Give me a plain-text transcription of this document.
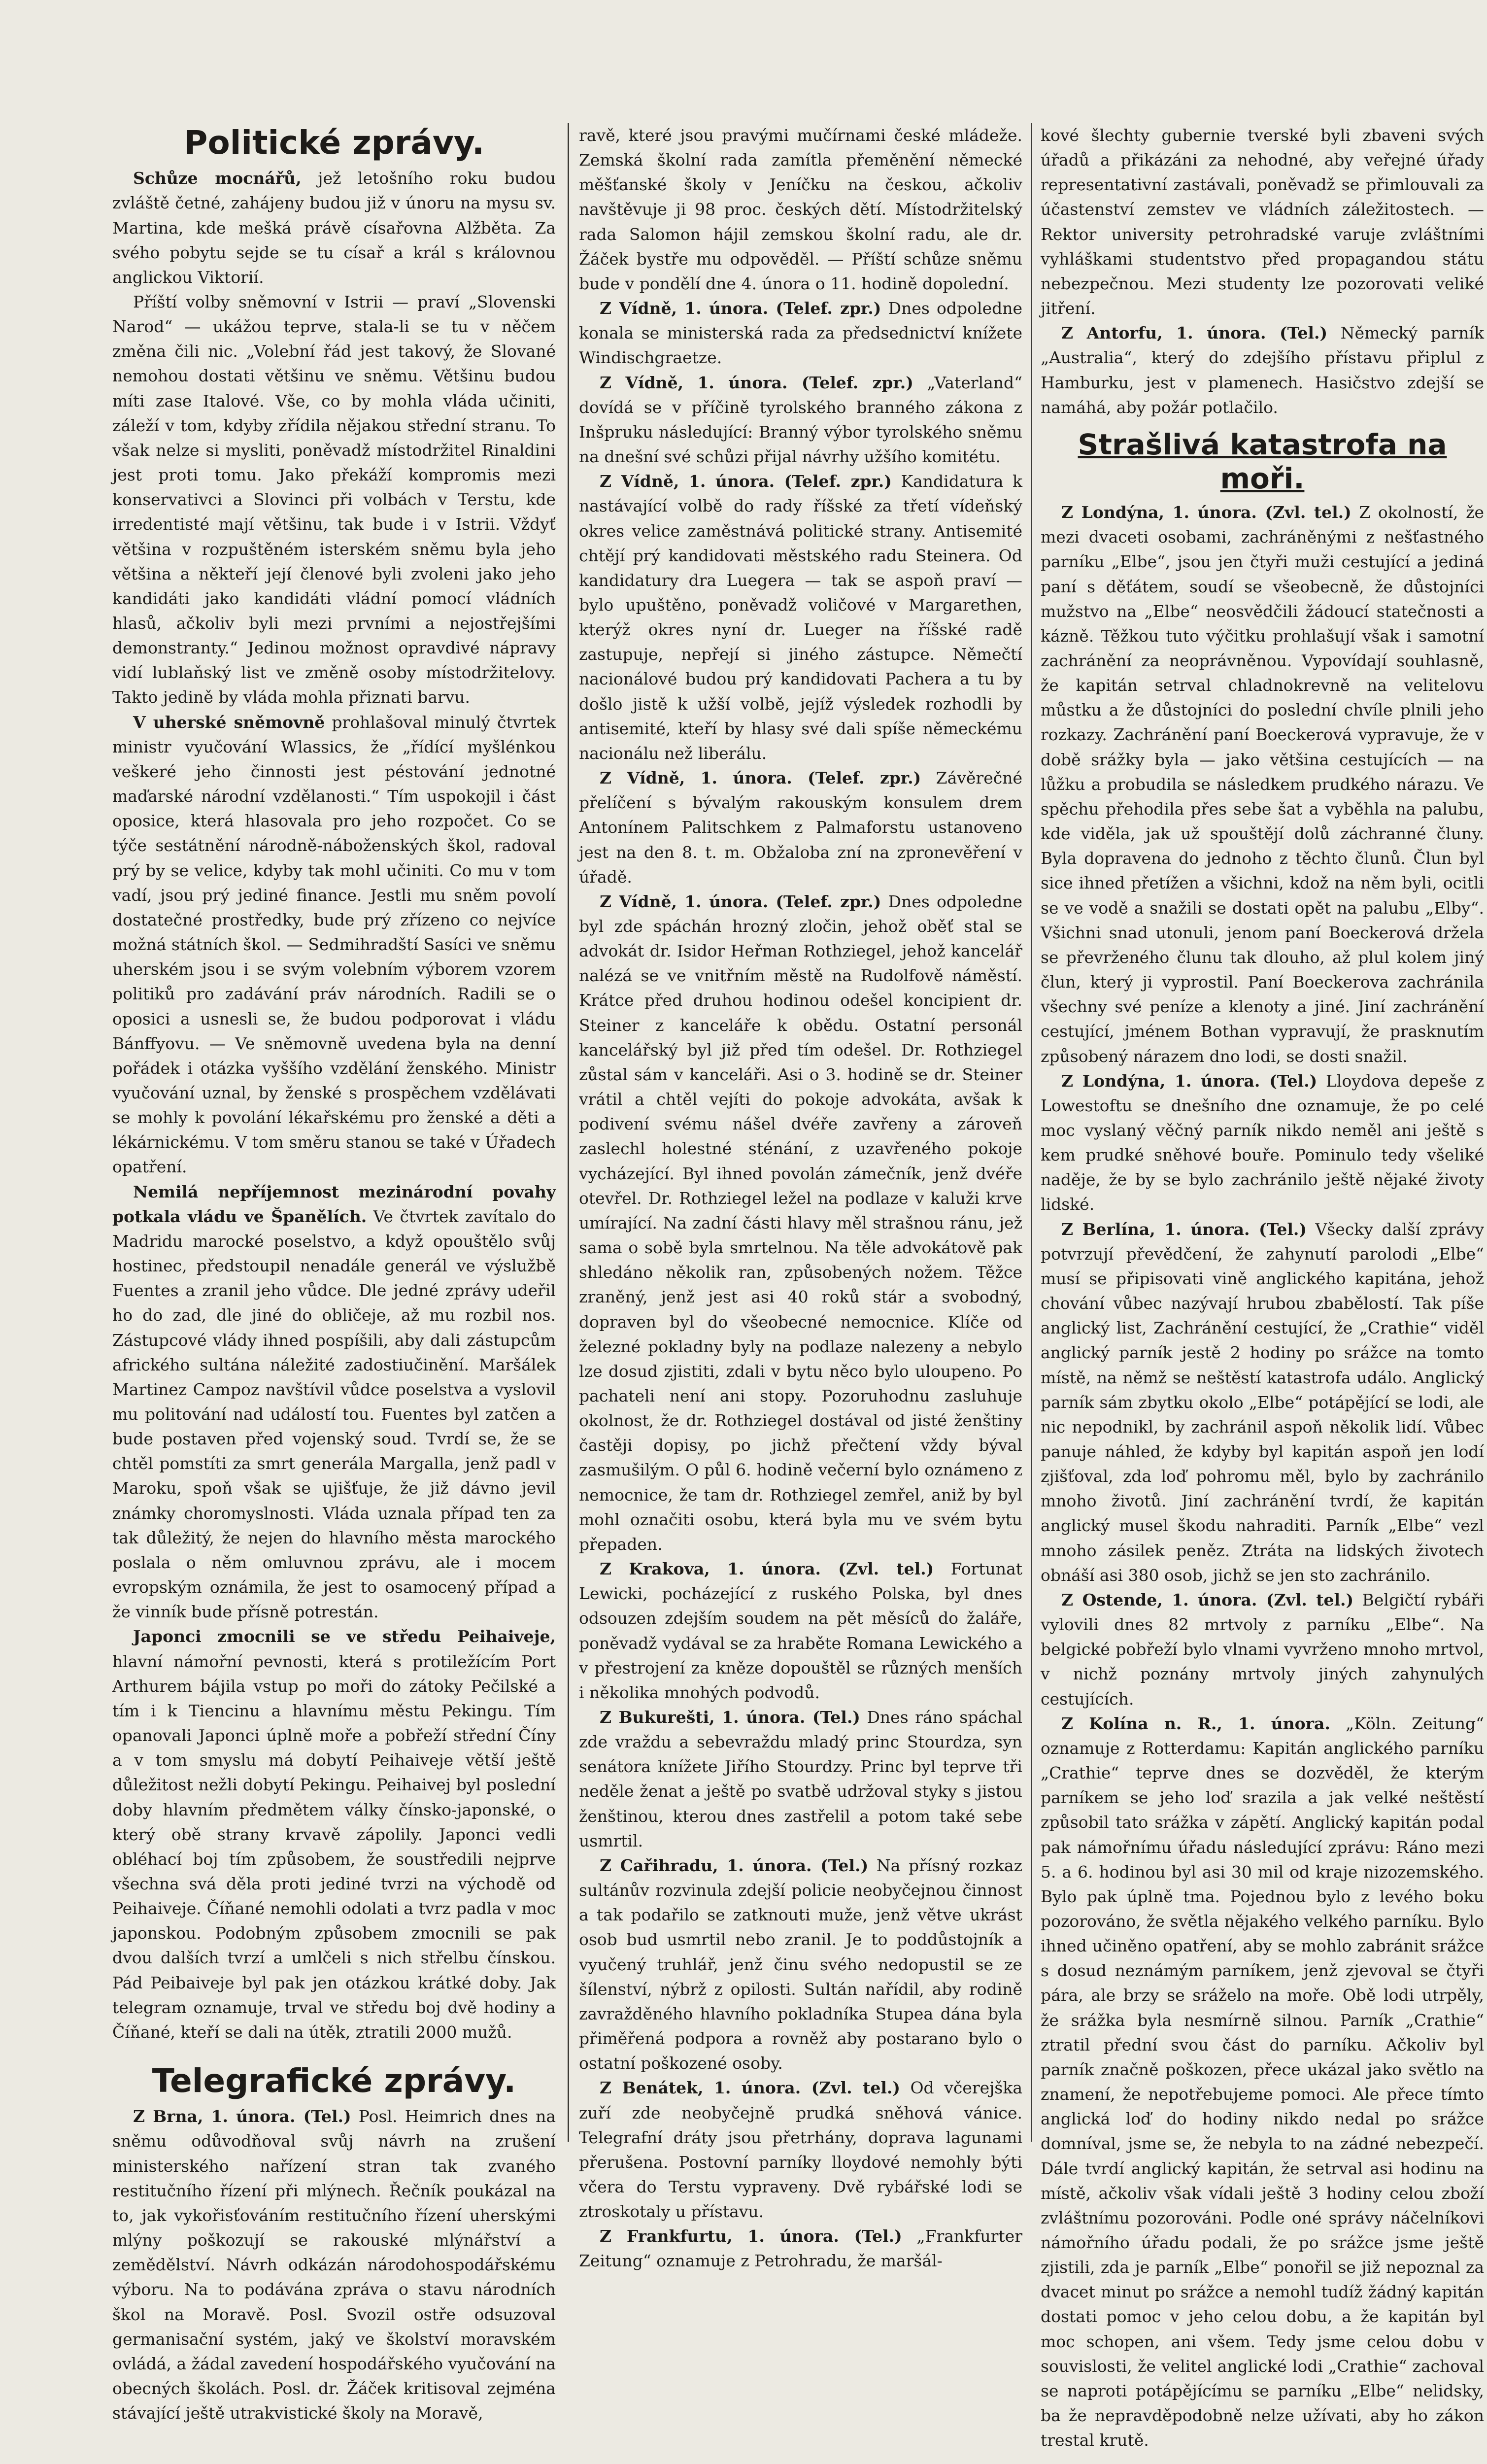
Politické zprávy.

Schůze mocnářů, jež letošního roku budou zvláště četné, zahájeny budou již v únoru na mysu sv. Martina, kde mešká právě císařovna Alžběta. Za svého pobytu sejde se tu císař a král s královnou anglickou Viktorií.

Příští volby sněmovní v Istrii — praví „Slovenski Narod“ — ukážou teprve, stala-li se tu v něčem změna čili nic. „Volební řád jest takový, že Slované nemohou dostati většinu ve sněmu. Většinu budou míti zase Italové. Vše, co by mohla vláda učiniti, záleží v tom, kdyby zřídila nějakou střední stranu. To však nelze si mysliti, poněvadž místodržitel Rinaldini jest proti tomu. Jako překáží kompromis mezi konservativci a Slovinci při volbách v Terstu, kde irredentisté mají většinu, tak bude i v Istrii. Vždyť většina v rozpuštěném isterském sněmu byla jeho většina a někteří její členové byli zvoleni jako jeho kandidáti jako kandidáti vládní pomocí vládních hlasů, ačkoliv byli mezi prvními a nejostřejšími demonstranty.“ Jedinou možnost opravdivé nápravy vidí lublaňský list ve změně osoby místodržitelovy. Takto jedině by vláda mohla přiznati barvu.

V uherské sněmovně prohlašoval minulý čtvrtek ministr vyučování Wlassics, že „řídící myšlénkou veškeré jeho činnosti jest péstování jednotné maďarské národní vzdělanosti.“ Tím uspokojil i část oposice, která hlasovala pro jeho rozpočet. Co se týče sestátnění národně-náboženských škol, radoval prý by se velice, kdyby tak mohl učiniti. Co mu v tom vadí, jsou prý jediné finance. Jestli mu sněm povolí dostatečné prostředky, bude prý zřízeno co nejvíce možná státních škol. — Sedmihradští Sasíci ve sněmu uherském jsou i se svým volebním výborem vzorem politiků pro zadávání práv národních. Radili se o oposici a usnesli se, že budou podporovat i vládu Bánffyovu. — Ve sněmovně uvedena byla na denní pořádek i otázka vyššího vzdělání ženského. Ministr vyučování uznal, by ženské s prospěchem vzdělávati se mohly k povolání lékařskému pro ženské a děti a lékárnickému. V tom směru stanou se také v Úřadech opatření.

Nemilá nepříjemnost mezinárodní povahy potkala vládu ve Španělích. Ve čtvrtek zavítalo do Madridu marocké poselstvo, a když opouštělo svůj hostinec, předstoupil nenadále generál ve výslužbě Fuentes a zranil jeho vůdce. Dle jedné zprávy udeřil ho do zad, dle jiné do obličeje, až mu rozbil nos. Zástupcové vlády ihned pospíšili, aby dali zástupcům afrického sultána náležité zadostiučinění. Maršálek Martinez Campoz navštívil vůdce poselstva a vyslovil mu politování nad událostí tou. Fuentes byl zatčen a bude postaven před vojenský soud. Tvrdí se, že se chtěl pomstíti za smrt generála Margalla, jenž padl v Maroku, spoň však se ujišťuje, že již dávno jevil známky choromyslnosti. Vláda uznala případ ten za tak důležitý, že nejen do hlavního města marockého poslala o něm omluvnou zprávu, ale i mocem evropským oznámila, že jest to osamocený případ a že vinník bude přísně potrestán.

Japonci zmocnili se ve středu Peihaiveje, hlavní námořní pevnosti, která s protiležícím Port Arthurem bájila vstup po moři do zátoky Pečilské a tím i k Tiencinu a hlavnímu městu Pekingu. Tím opanovali Japonci úplně moře a pobřeží střední Číny a v tom smyslu má dobytí Peihaiveje větší ještě důležitost nežli dobytí Pekingu. Peihaivej byl poslední doby hlavním předmětem války čínsko-japonské, o který obě strany krvavě zápolily. Japonci vedli obléhací boj tím způsobem, že soustředili nejprve všechna svá děla proti jediné tvrzi na východě od Peihaiveje. Číňané nemohli odolati a tvrz padla v moc japonskou. Podobným způsobem zmocnili se pak dvou dalších tvrzí a umlčeli s nich střelbu čínskou. Pád Peibaiveje byl pak jen otázkou krátké doby. Jak telegram oznamuje, trval ve středu boj dvě hodiny a Číňané, kteří se dali na útěk, ztratili 2000 mužů.

Telegrafické zprávy.

Z Brna, 1. února. (Tel.) Posl. Heimrich dnes na sněmu odůvodňoval svůj návrh na zrušení ministerského nařízení stran tak zvaného restitučního řízení při mlýnech. Řečník poukázal na to, jak vykořisťováním restitučního řízení uherskými mlýny poškozují se rakouské mlýnářství a zemědělství. Návrh odkázán národohospodářskému výboru. Na to podávána zpráva o stavu národních škol na Moravě. Posl. Svozil ostře odsuzoval germanisační systém, jaký ve školství moravském ovládá, a žádal zavedení hospodářského vyučování na obecných školách. Posl. dr. Žáček kritisoval zejména stávající ještě utrakvistické školy na Moravě,

ravě, které jsou pravými mučírnami české mládeže. Zemská školní rada zamítla přeměnění německé měšťanské školy v Jeníčku na českou, ačkoliv navštěvuje ji 98 proc. českých dětí. Místodržitelský rada Salomon hájil zemskou školní radu, ale dr. Žáček bystře mu odpověděl. — Příští schůze sněmu bude v pondělí dne 4. února o 11. hodině dopolední.

Z Vídně, 1. února. (Telef. zpr.) Dnes odpoledne konala se ministerská rada za předsednictví knížete Windischgraetze.

Z Vídně, 1. února. (Telef. zpr.) „Vaterland“ dovídá se v příčině tyrolského branného zákona z Inšpruku následující: Branný výbor tyrolského sněmu na dnešní své schůzi přijal návrhy užšího komitétu.

Z Vídně, 1. února. (Telef. zpr.) Kandidatura k nastávající volbě do rady říšské za třetí vídeňský okres velice zaměstnává politické strany. Antisemité chtějí prý kandidovati městského radu Steinera. Od kandidatury dra Luegera — tak se aspoň praví — bylo upuštěno, poněvadž voličové v Margarethen, kterýž okres nyní dr. Lueger na říšské radě zastupuje, nepřejí si jiného zástupce. Němečtí nacionálové budou prý kandidovati Pachera a tu by došlo jistě k užší volbě, jejíž výsledek rozhodli by antisemité, kteří by hlasy své dali spíše německému nacionálu než liberálu.

Z Vídně, 1. února. (Telef. zpr.) Závěrečné přelíčení s bývalým rakouským konsulem drem Antonínem Palitschkem z Palmaforstu ustanoveno jest na den 8. t. m. Obžaloba zní na zpronevěření v úřadě.

Z Vídně, 1. února. (Telef. zpr.) Dnes odpoledne byl zde spáchán hrozný zločin, jehož oběť stal se advokát dr. Isidor Heřman Rothziegel, jehož kancelář nalézá se ve vnitřním městě na Rudolfově náměstí. Krátce před druhou hodinou odešel koncipient dr. Steiner z kanceláře k obědu. Ostatní personál kancelářský byl již před tím odešel. Dr. Rothziegel zůstal sám v kanceláři. Asi o 3. hodině se dr. Steiner vrátil a chtěl vejíti do pokoje advokáta, avšak k podivení svému nášel dvéře zavřeny a zároveň zaslechl holestné sténání, z uzavřeného pokoje vycházející. Byl ihned povolán zámečník, jenž dvéře otevřel. Dr. Rothziegel ležel na podlaze v kaluži krve umírající. Na zadní části hlavy měl strašnou ránu, jež sama o sobě byla smrtelnou. Na těle advokátově pak shledáno několik ran, způsobených nožem. Těžce zraněný, jenž jest asi 40 roků stár a svobodný, dopraven byl do všeobecné nemocnice. Klíče od železné pokladny byly na podlaze nalezeny a nebylo lze dosud zjistiti, zdali v bytu něco bylo uloupeno. Po pachateli není ani stopy. Pozoruhodnu zasluhuje okolnost, že dr. Rothziegel dostával od jisté ženštiny častěji dopisy, po jichž přečtení vždy býval zasmušilým. O půl 6. hodině večerní bylo oznámeno z nemocnice, že tam dr. Rothziegel zemřel, aniž by byl mohl označiti osobu, která byla mu ve svém bytu přepaden.

Z Krakova, 1. února. (Zvl. tel.) Fortunat Lewicki, pocházející z ruského Polska, byl dnes odsouzen zdejším soudem na pět měsíců do žaláře, poněvadž vydával se za hraběte Romana Lewického a v přestrojení za kněze dopouštěl se různých menších i několika mnohých podvodů.

Z Bukurešti, 1. února. (Tel.) Dnes ráno spáchal zde vraždu a sebevraždu mladý princ Stourdza, syn senátora knížete Jiřího Stourdzy. Princ byl teprve tři neděle ženat a ještě po svatbě udržoval styky s jistou ženštinou, kterou dnes zastřelil a potom také sebe usmrtil.

Z Cařihradu, 1. února. (Tel.) Na přísný rozkaz sultánův rozvinula zdejší policie neobyčejnou činnost a tak podařilo se zatknouti muže, jenž větve ukrást osob bud usmrtil nebo zranil. Je to poddůstojník a vyučený truhlář, jenž činu svého nedopustil se ze šílenství, nýbrž z opilosti. Sultán nařídil, aby rodině zavražděného hlavního pokladníka Stupea dána byla přiměřená podpora a rovněž aby postarano bylo o ostatní poškozené osoby.

Z Benátek, 1. února. (Zvl. tel.) Od včerejška zuří zde neobyčejně prudká sněhová vánice. Telegrafní dráty jsou přetrhány, doprava lagunami přerušena. Postovní parníky lloydové nemohly býti včera do Terstu vypraveny. Dvě rybářské lodi se ztroskotaly u přístavu.

Z Frankfurtu, 1. února. (Tel.) „Frankfurter Zeitung“ oznamuje z Petrohradu, že maršál-

kové šlechty gubernie tverské byli zbaveni svých úřadů a přikázáni za nehodné, aby veřejné úřady representativní zastávali, poněvadž se přimlouvali za účastenství zemstev ve vládních záležitostech. — Rektor university petrohradské varuje zvláštními vyhláškami studentstvo před propagandou státu nebezpečnou. Mezi studenty lze pozorovati veliké jitření.

Z Antorfu, 1. února. (Tel.) Německý parník „Australia“, který do zdejšího přístavu připlul z Hamburku, jest v plamenech. Hasičstvo zdejší se namáhá, aby požár potlačilo.

Strašlivá katastrofa na moři.

Z Londýna, 1. února. (Zvl. tel.) Z okolností, že mezi dvaceti osobami, zachráněnými z nešťastného parníku „Elbe“, jsou jen čtyři muži cestující a jediná paní s děťátem, soudí se všeobecně, že důstojníci mužstvo na „Elbe“ neosvědčili žádoucí statečnosti a kázně. Těžkou tuto výčitku prohlašují však i samotní zachránění za neoprávněnou. Vypovídají souhlasně, že kapitán setrval chladnokrevně na velitelovu můstku a že důstojníci do poslední chvíle plnili jeho rozkazy. Zachránění paní Boeckerová vypravuje, že v době srážky byla — jako většina cestujících — na lůžku a probudila se následkem prudkého nárazu. Ve spěchu přehodila přes sebe šat a vyběhla na palubu, kde viděla, jak už spouštějí dolů záchranné čluny. Byla dopravena do jednoho z těchto člunů. Člun byl sice ihned přetížen a všichni, kdož na něm byli, ocitli se ve vodě a snažili se dostati opět na palubu „Elby“. Všichni snad utonuli, jenom paní Boeckerová držela se převrženého člunu tak dlouho, až plul kolem jiný člun, který ji vyprostil. Paní Boeckerova zachránila všechny své peníze a klenoty a jiné. Jiní zachránění cestující, jménem Bothan vypravují, že prasknutím způsobený nárazem dno lodi, se dosti snažil.

Z Londýna, 1. února. (Tel.) Lloydova depeše z Lowestoftu se dnešního dne oznamuje, že po celé moc vyslaný věčný parník nikdo neměl ani ještě s kem prudké sněhové bouře. Pominulo tedy všeliké naděje, že by se bylo zachránilo ještě nějaké životy lidské.

Z Berlína, 1. února. (Tel.) Všecky další zprávy potvrzují převědčení, že zahynutí parolodi „Elbe“ musí se připisovati vině anglického kapitána, jehož chování vůbec nazývají hrubou zbabělostí. Tak píše anglický list, Zachránění cestující, že „Crathie“ viděl anglický parník jestě 2 hodiny po srážce na tomto místě, na němž se neštěstí katastrofa událo. Anglický parník sám zbytku okolo „Elbe“ potápějící se lodi, ale nic nepodnikl, by zachránil aspoň několik lidí. Vůbec panuje náhled, že kdyby byl kapitán aspoň jen lodí zjišťoval, zda loď pohromu měl, bylo by zachránilo mnoho životů. Jiní zachránění tvrdí, že kapitán anglický musel škodu nahraditi. Parník „Elbe“ vezl mnoho zásilek peněz. Ztráta na lidských životech obnáší asi 380 osob, jichž se jen sto zachránilo.

Z Ostende, 1. února. (Zvl. tel.) Belgičtí rybáři vylovili dnes 82 mrtvoly z parníku „Elbe“. Na belgické pobřeží bylo vlnami vyvrženo mnoho mrtvol, v nichž poznány mrtvoly jiných zahynulých cestujících.

Z Kolína n. R., 1. února. „Köln. Zeitung“ oznamuje z Rotterdamu: Kapitán anglického parníku „Crathie“ teprve dnes se dozvěděl, že kterým parníkem se jeho loď srazila a jak velké neštěstí způsobil tato srážka v zápětí. Anglický kapitán podal pak námořnímu úřadu následující zprávu: Ráno mezi 5. a 6. hodinou byl asi 30 mil od kraje nizozemského. Bylo pak úplně tma. Pojednou bylo z levého boku pozorováno, že světla nějakého velkého parníku. Bylo ihned učiněno opatření, aby se mohlo zabránit srážce s dosud neznámým parníkem, jenž zjevoval se čtyři pára, ale brzy se sráželo na moře. Obě lodi utrpěly, že srážka byla nesmírně silnou. Parník „Crathie“ ztratil přední svou část do parníku. Ačkoliv byl parník značně poškozen, přece ukázal jako světlo na znamení, že nepotřebujeme pomoci. Ale přece tímto anglická loď do hodiny nikdo nedal po srážce domníval, jsme se, že nebyla to na zádné nebezpečí. Dále tvrdí anglický kapitán, že setrval asi hodinu na místě, ačkoliv však vídali ještě 3 hodiny celou zboží zvláštnímu pozorováni. Podle oné správy náčelníkovi námořního úřadu podali, že po srážce jsme ještě zjistili, zda je parník „Elbe“ ponořil se již nepoznal za dvacet minut po srážce a nemohl tudíž žádný kapitán dostati pomoc v jeho celou dobu, a že kapitán byl moc schopen, ani všem. Tedy jsme celou dobu v souvislosti, že velitel anglické lodi „Crathie“ zachoval se naproti potápějícímu se parníku „Elbe“ nelidsky, ba že nepravděpodobně nelze užívati, aby ho zákon trestal krutě.
